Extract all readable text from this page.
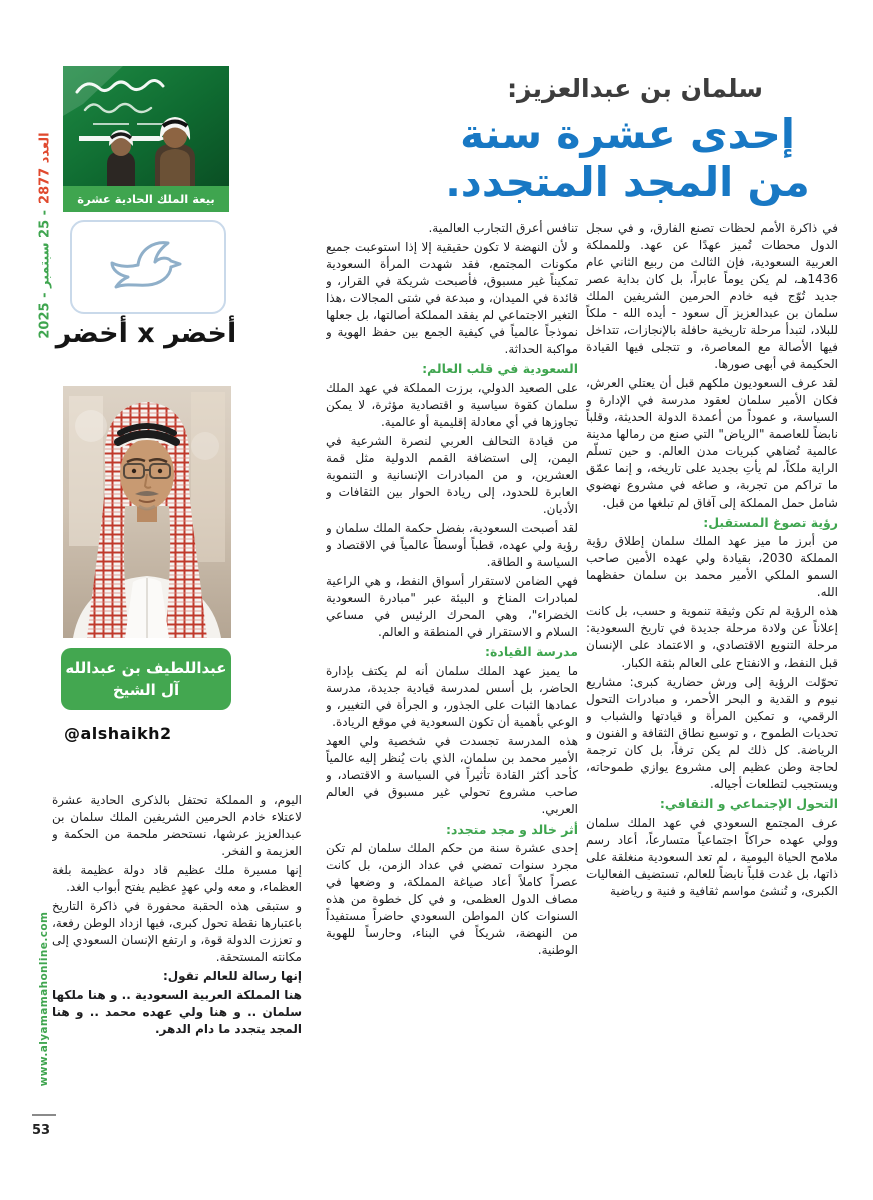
العدد 2877- 25 سبتمبر - 2025
www.alyamamahonline.com
53
بيعة الملك الحادية عشرة
أخضر x أخضر
عبداللطيف بن عبدالله
آل الشيخ
@alshaikh2
سلمان بن عبدالعزيز:
إحدى عشرة سنة
من المجد المتجدد.
في ذاكرة الأمم لحظات تصنع الفارق، و في سجل الدول محطات تُميز عهدًا عن عهد. وللمملكة العربية السعودية، فإن الثالث من ربيع الثاني عام 1436هـ، لم يكن يوماً عابراً، بل كان بداية عصر جديد تُوّج فيه خادم الحرمين الشريفين الملك سلمان بن عبدالعزيز آل سعود - أيده الله - ملكاً للبلاد، لتبدأ مرحلة تاريخية حافلة بالإنجازات، تتداخل فيها الأصالة مع المعاصرة، و تتجلى فيها القيادة الحكيمة في أبهى صورها.
لقد عرف السعوديون ملكهم قبل أن يعتلي العرش، فكان الأمير سلمان لعقود مدرسة في الإدارة و السياسة، و عموداً من أعمدة الدولة الحديثة، وقلباً نابضاً للعاصمة "الرياض" التي صنع من رمالها مدينة عالمية تُضاهي كبريات مدن العالم. و حين تسلّم الراية ملكاً، لم يأتِ بجديد على تاريخه، و إنما عمّق ما تراكم من تجربة، و صاغه في مشروع نهضوي شامل حمل المملكة إلى آفاق لم تبلغها من قبل.
رؤية تصوغ المستقبل:
من أبرز ما ميز عهد الملك سلمان إطلاق رؤية المملكة 2030، بقيادة ولي عهده الأمين صاحب السمو الملكي الأمير محمد بن سلمان حفظهما الله.
هذه الرؤية لم تكن وثيقة تنموية و حسب، بل كانت إعلاناً عن ولادة مرحلة جديدة في تاريخ السعودية: مرحلة التنويع الاقتصادي، و الاعتماد على الإنسان قبل النفط، و الانفتاح على العالم بثقة الكبار.
تحوّلت الرؤية إلى ورش حضارية كبرى: مشاريع نيوم و القدية و البحر الأحمر، و مبادرات التحول الرقمي، و تمكين المرأة و قيادتها والشباب و تحديات الطموح ، و توسيع نطاق الثقافة و الفنون و الرياضة. كل ذلك لم يكن ترفاً، بل كان ترجمة لحاجة وطن عظيم إلى مشروع يوازي طموحاته، ويستجيب لتطلعات أجياله.
التحول الإجتماعي و الثقافي:
عرف المجتمع السعودي في عهد الملك سلمان وولي عهده حراكاً اجتماعياً متسارعاً، أعاد رسم ملامح الحياة اليومية ، لم تعد السعودية منغلقة على ذاتها، بل غدت قلباً نابضاً للعالم، تستضيف الفعاليات الكبرى، و تُنشئ مواسم ثقافية و فنية و رياضية
تنافس أعرق التجارب العالمية.
و لأن النهضة لا تكون حقيقية إلا إذا استوعبت جميع مكونات المجتمع، فقد شهدت المرأة السعودية تمكيناً غير مسبوق، فأصبحت شريكة في القرار، و قائدة في الميدان، و مبدعة في شتى المجالات ،هذا التغير الاجتماعي لم يفقد المملكة أصالتها، بل جعلها نموذجاً عالمياً في كيفية الجمع بين حفظ الهوية و مواكبة الحداثة.
السعودية في قلب العالم:
على الصعيد الدولي، برزت المملكة في عهد الملك سلمان كقوة سياسية و اقتصادية مؤثرة، لا يمكن تجاوزها في أي معادلة إقليمية أو عالمية.
من قيادة التحالف العربي لنصرة الشرعية في اليمن، إلى استضافة القمم الدولية مثل قمة العشرين، و من المبادرات الإنسانية و التنموية العابرة للحدود، إلى ريادة الحوار بين الثقافات و الأديان.
لقد أصبحت السعودية، بفضل حكمة الملك سلمان و رؤية ولي عهده، قطباً أوسطاً عالمياً في الاقتصاد و السياسة و الطاقة.
فهي الضامن لاستقرار أسواق النفط، و هي الراعية لمبادرات المناخ و البيئة عبر "مبادرة السعودية الخضراء"، وهي المحرك الرئيس في مساعي السلام و الاستقرار في المنطقة و العالم.
مدرسة القيادة:
ما يميز عهد الملك سلمان أنه لم يكتف بإدارة الحاضر، بل أسس لمدرسة قيادية جديدة، مدرسة عمادها الثبات على الجذور، و الجرأة في التغيير، و الوعي بأهمية أن تكون السعودية في موقع الريادة.
هذه المدرسة تجسدت في شخصية ولي العهد الأمير محمد بن سلمان، الذي بات يُنظر إليه عالمياً كأحد أكثر القادة تأثيراً في السياسة و الاقتصاد، و صاحب مشروع تحولي غير مسبوق في العالم العربي.
أثر خالد و مجد متجدد:
إحدى عشرة سنة من حكم الملك سلمان لم تكن مجرد سنوات تمضي في عداد الزمن، بل كانت عصراً كاملاً أعاد صياغة المملكة، و وضعها في مصاف الدول العظمى، و في كل خطوة من هذه السنوات كان المواطن السعودي حاضراً مستفيداً من النهضة، شريكاً في البناء، وحارساً للهوية الوطنية.
اليوم، و المملكة تحتفل بالذكرى الحادية عشرة لاعتلاء خادم الحرمين الشريفين الملك سلمان بن عبدالعزيز عرشها، نستحضر ملحمة من الحكمة و العزيمة و الفخر.
إنها مسيرة ملك عظيم قاد دولة عظيمة بلغة العظماء، و معه ولي عهدٍ عظيم يفتح أبواب الغد.
و ستبقى هذه الحقبة محفورة في ذاكرة التاريخ باعتبارها نقطة تحول كبرى، فيها ازداد الوطن رفعة، و تعززت الدولة قوة، و ارتفع الإنسان السعودي إلى مكانته المستحقة.
إنها رسالة للعالم تقول:
هنا المملكة العربية السعودية .. و هنا ملكها سلمان .. و هنا ولي عهده محمد .. و هنا المجد يتجدد ما دام الدهر.
